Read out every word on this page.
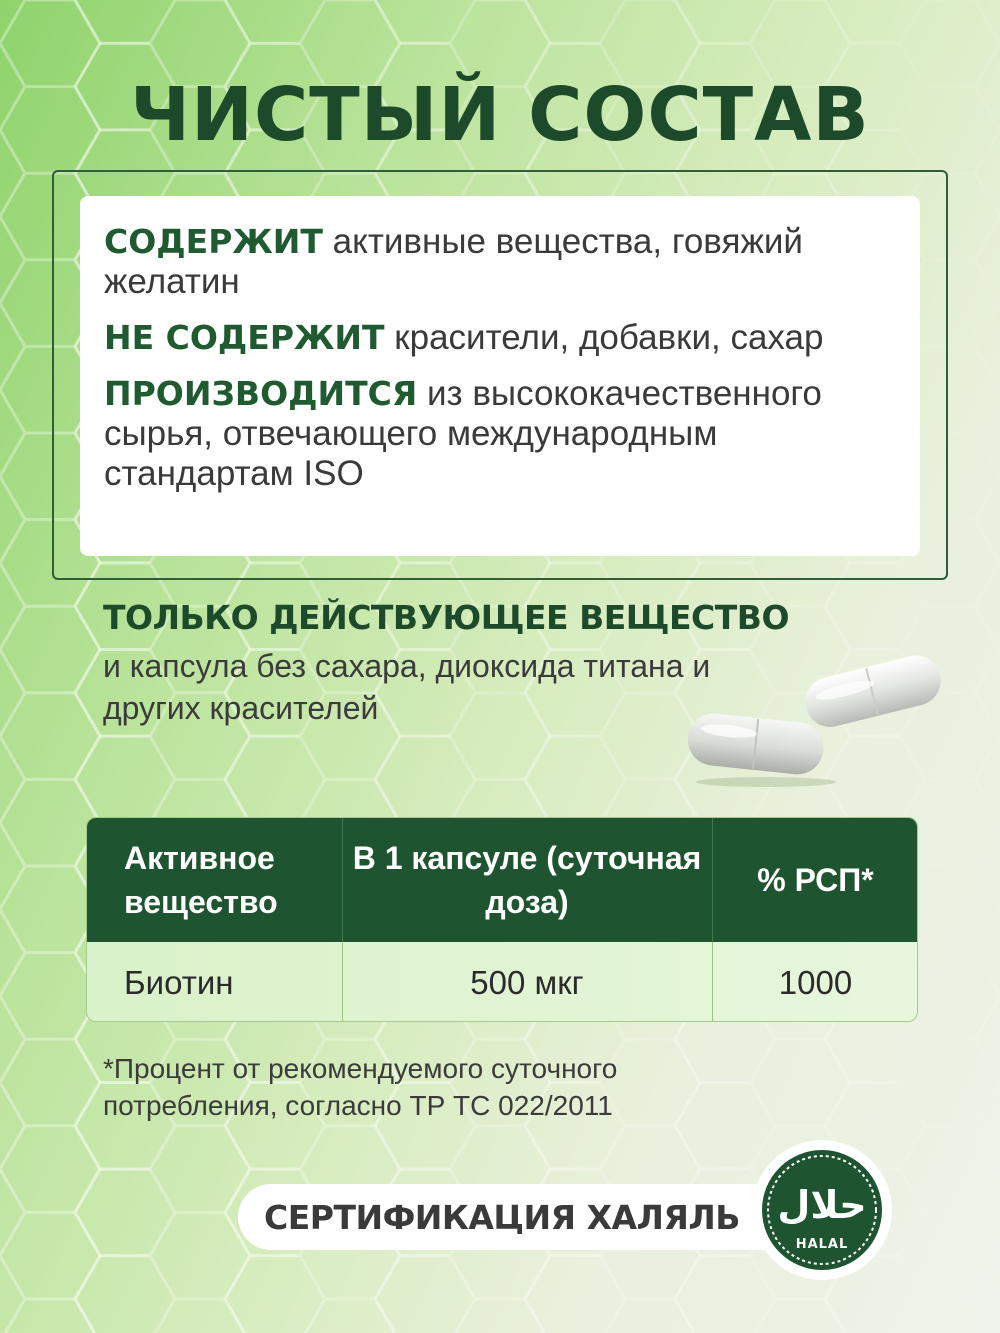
ЧИСТЫЙ СОСТАВ

СОДЕРЖИТ активные вещества, говяжий желатин

НЕ СОДЕРЖИТ красители, добавки, сахар

ПРОИЗВОДИТСЯ из высококачественного сырья, отвечающего международным стандартам ISO

ТОЛЬКО ДЕЙСТВУЮЩЕЕ ВЕЩЕСТВО
и капсула без сахара, диоксида титана и других красителей
Активное вещество
В 1 капсуле (суточная доза)
% РСП*
Биотин	500 мкг	1000
*Процент от рекомендуемого суточного потребления, согласно ТР ТС 022/2011
СЕРТИФИКАЦИЯ ХАЛЯЛЬ حلال
HALAL
